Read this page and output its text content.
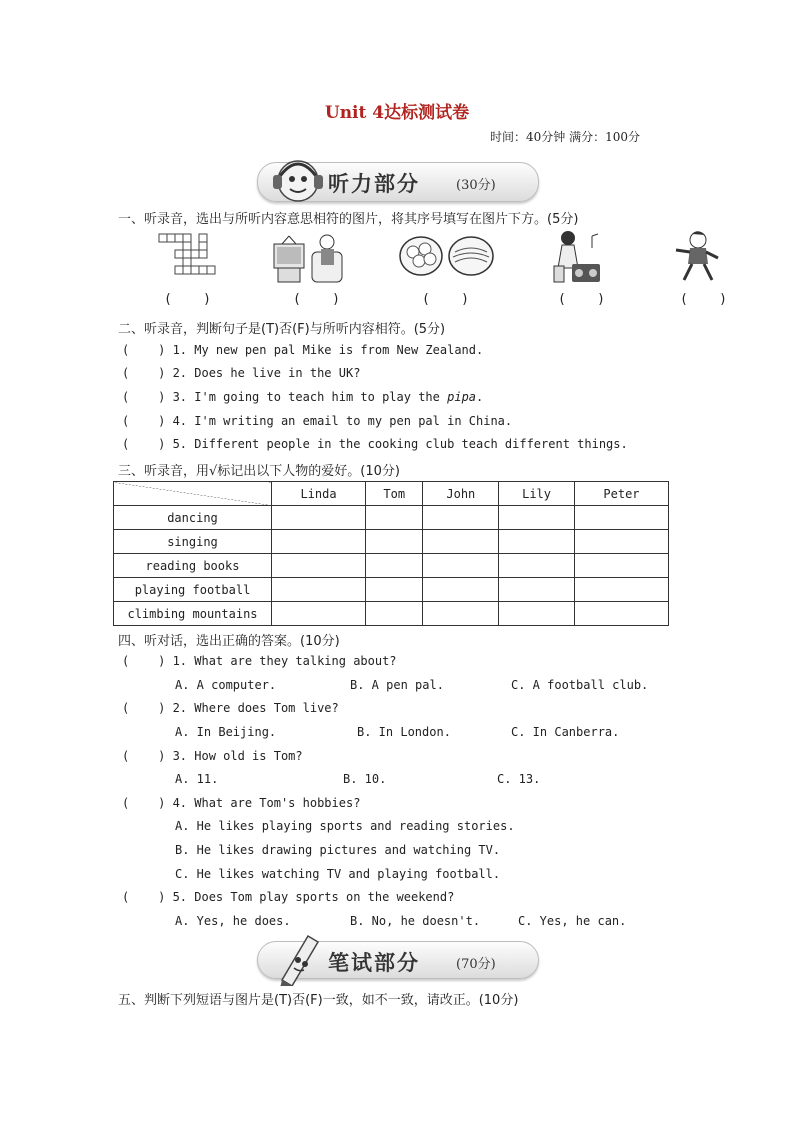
Unit 4达标测试卷
时间：40分钟 满分：100分
听力部分	(30分)
一、听录音，选出与所听内容意思相符的图片，将其序号填写在图片下方。(5分)
(    )	(    )	(    )	(    )	(    )
二、听录音，判断句子是(T)否(F)与所听内容相符。(5分)
(    ) 1. My new pen pal Mike is from New Zealand.
(    ) 2. Does he live in the UK?
(    ) 3. I'm going to teach him to play the pipa.
(    ) 4. I'm writing an email to my pen pal in China.
(    ) 5. Different people in the cooking club teach different things.
三、听录音，用√标记出以下人物的爱好。(10分)
	Linda	Tom	John	Lily	Peter
dancing					
singing					
reading books					
playing football					
climbing mountains					
四、听对话，选出正确的答案。(10分)
(    ) 1. What are they talking about?
A. A computer.	B. A pen pal.	C. A football club.
(    ) 2. Where does Tom live?
A. In Beijing.	B. In London.	C. In Canberra.
(    ) 3. How old is Tom?
A. 11.	B. 10.	C. 13.
(    ) 4. What are Tom's hobbies?
A. He likes playing sports and reading stories.
B. He likes drawing pictures and watching TV.
C. He likes watching TV and playing football.
(    ) 5. Does Tom play sports on the weekend?
A. Yes, he does.	B. No, he doesn't.	C. Yes, he can.
笔试部分	(70分)
五、判断下列短语与图片是(T)否(F)一致，如不一致，请改正。(10分)
